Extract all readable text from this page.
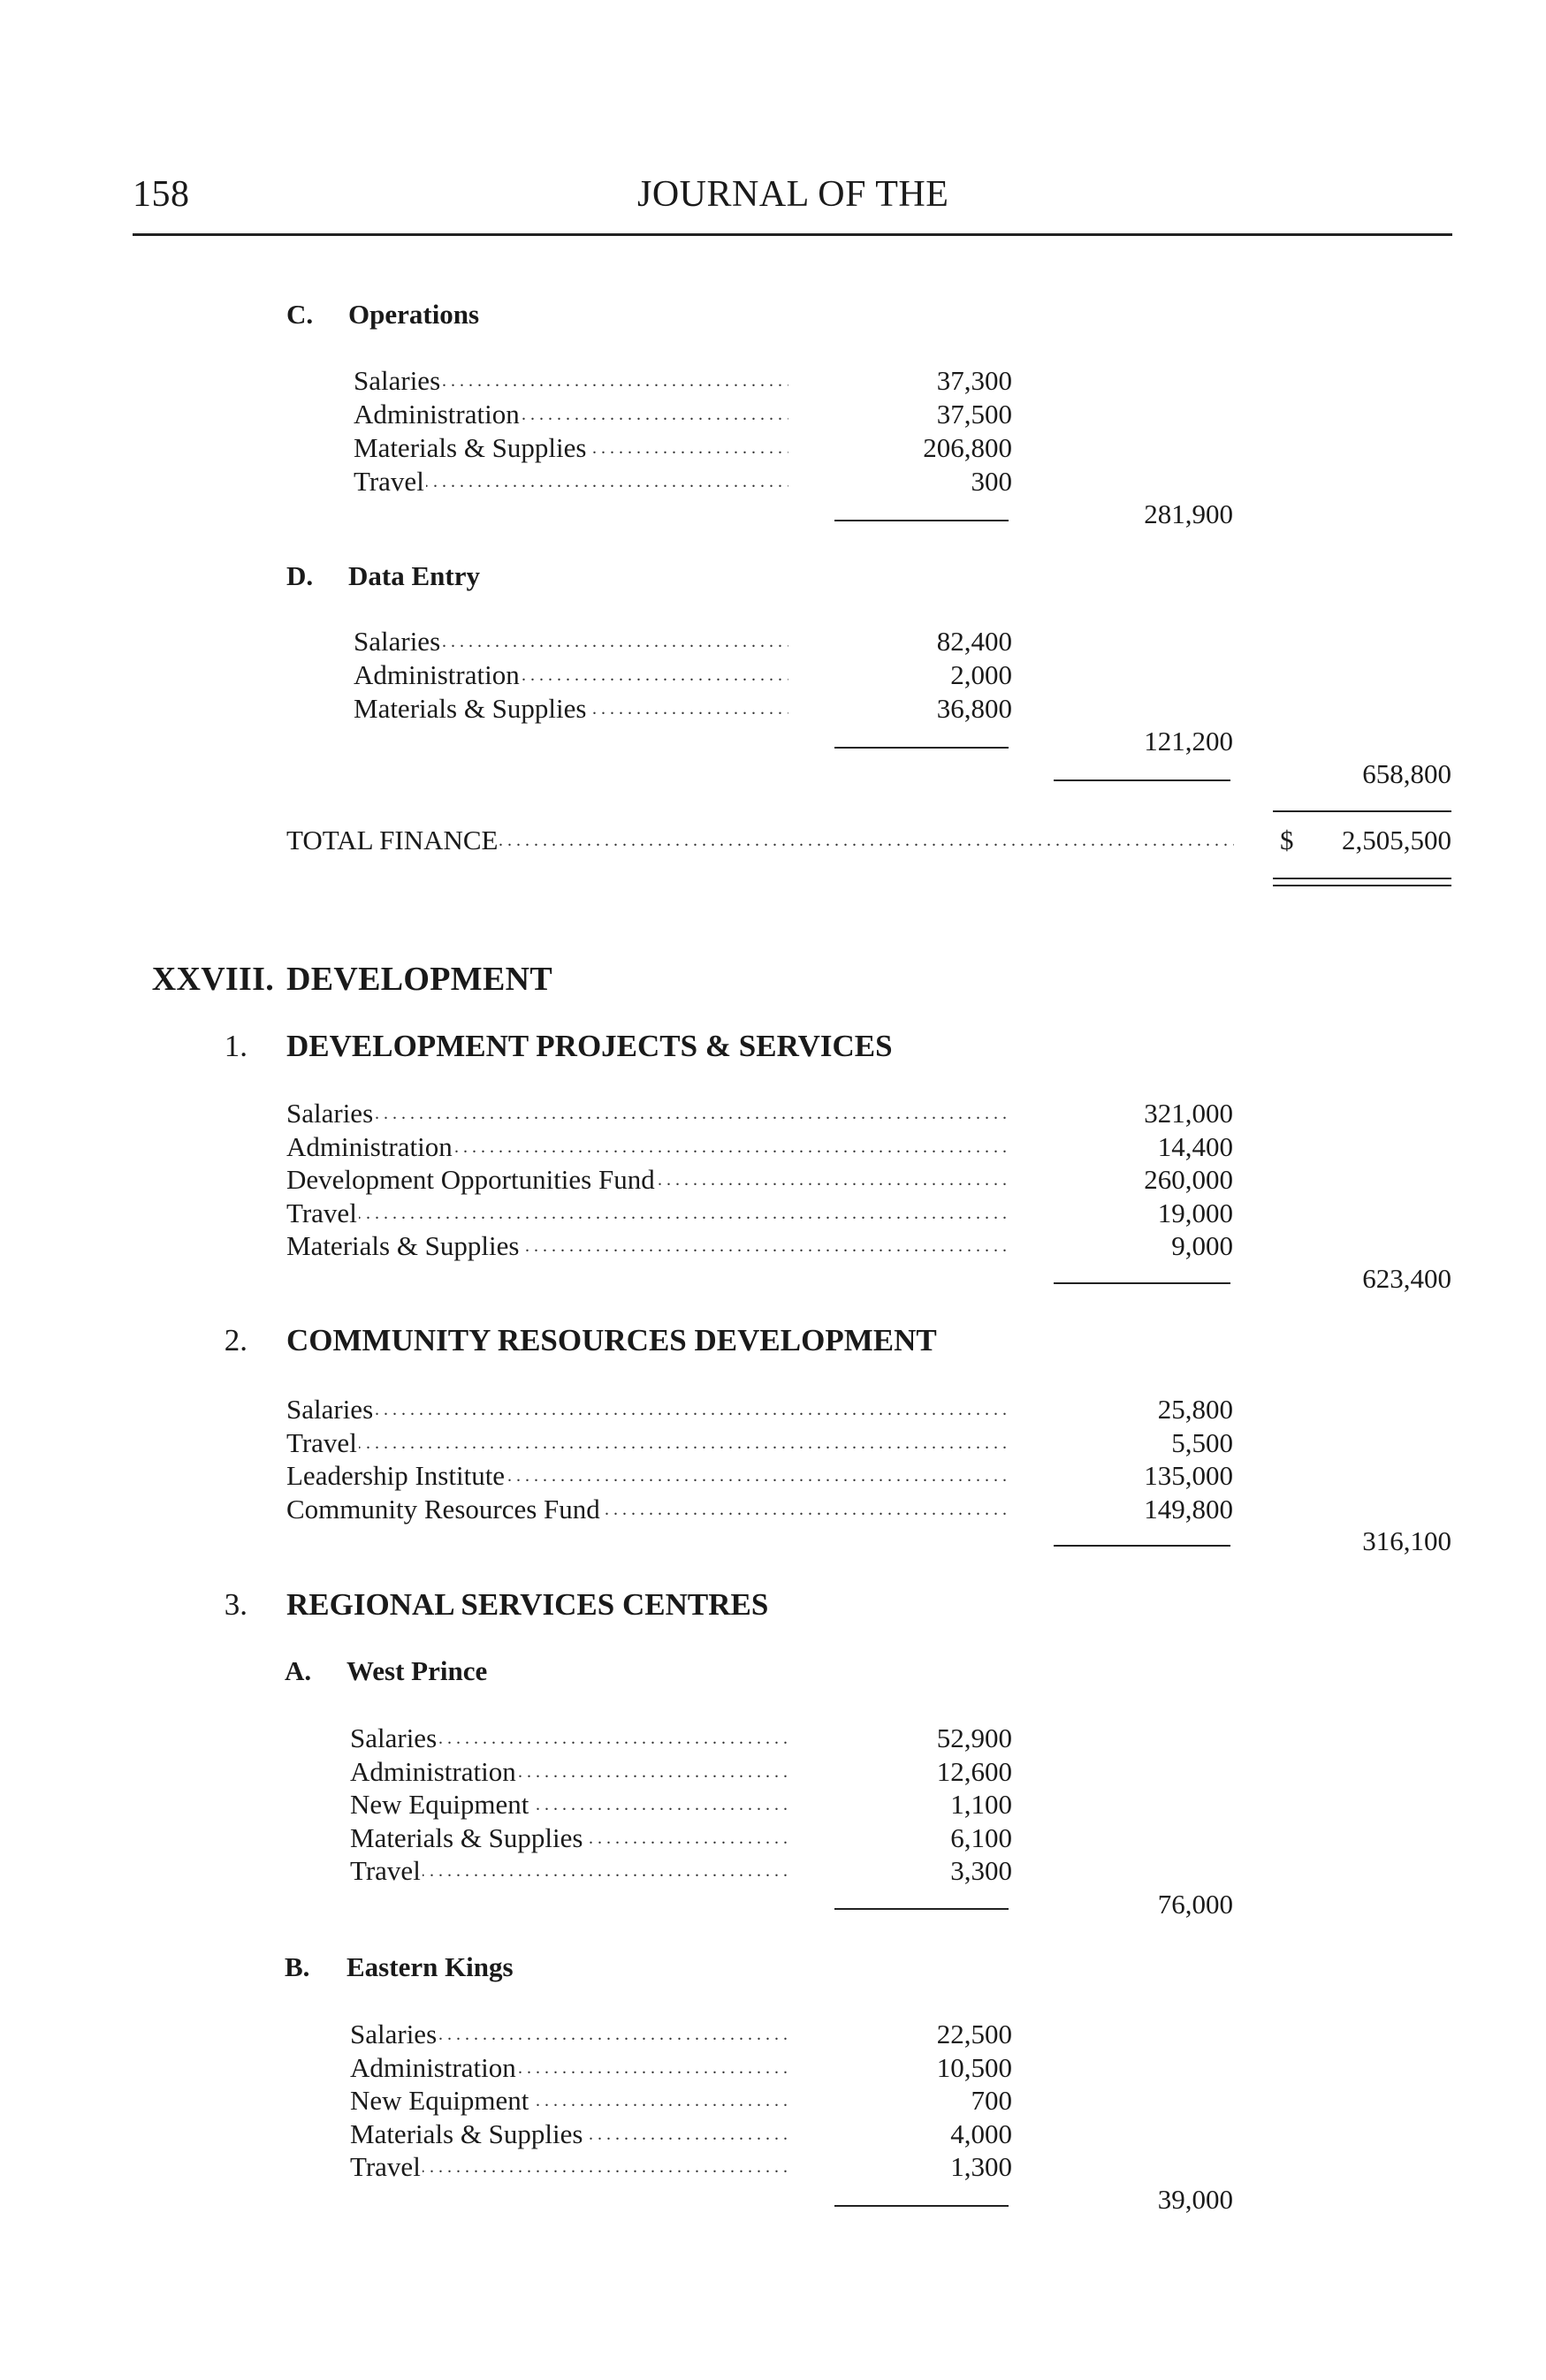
158	JOURNAL OF THE
C. Operations
. . . Salaries	37,300
. . . Administration	37,500
. . . Materials & Supplies	206,800
. . . Travel	300
281,900
D. Data Entry
. . . Salaries	82,400
. . . Administration	2,000
. . . Materials & Supplies	36,800
121,200
658,800
. . . TOTAL FINANCE	$	2,505,500
XXVIII. DEVELOPMENT
1. DEVELOPMENT PROJECTS & SERVICES
. . . Salaries	321,000
. . . Administration	14,400
. . . Development Opportunities Fund	260,000
. . . Travel	19,000
. . . Materials & Supplies	9,000
623,400
2. COMMUNITY RESOURCES DEVELOPMENT
. . . Salaries	25,800
. . . Travel	5,500
. . . Leadership Institute	135,000
. . . Community Resources Fund	149,800
316,100
3. REGIONAL SERVICES CENTRES
A. West Prince
. . . Salaries	52,900
. . . Administration	12,600
. . . New Equipment	1,100
. . . Materials & Supplies	6,100
. . . Travel	3,300
76,000
B. Eastern Kings
. . . Salaries	22,500
. . . Administration	10,500
. . . New Equipment	700
. . . Materials & Supplies	4,000
. . . Travel	1,300
39,000
